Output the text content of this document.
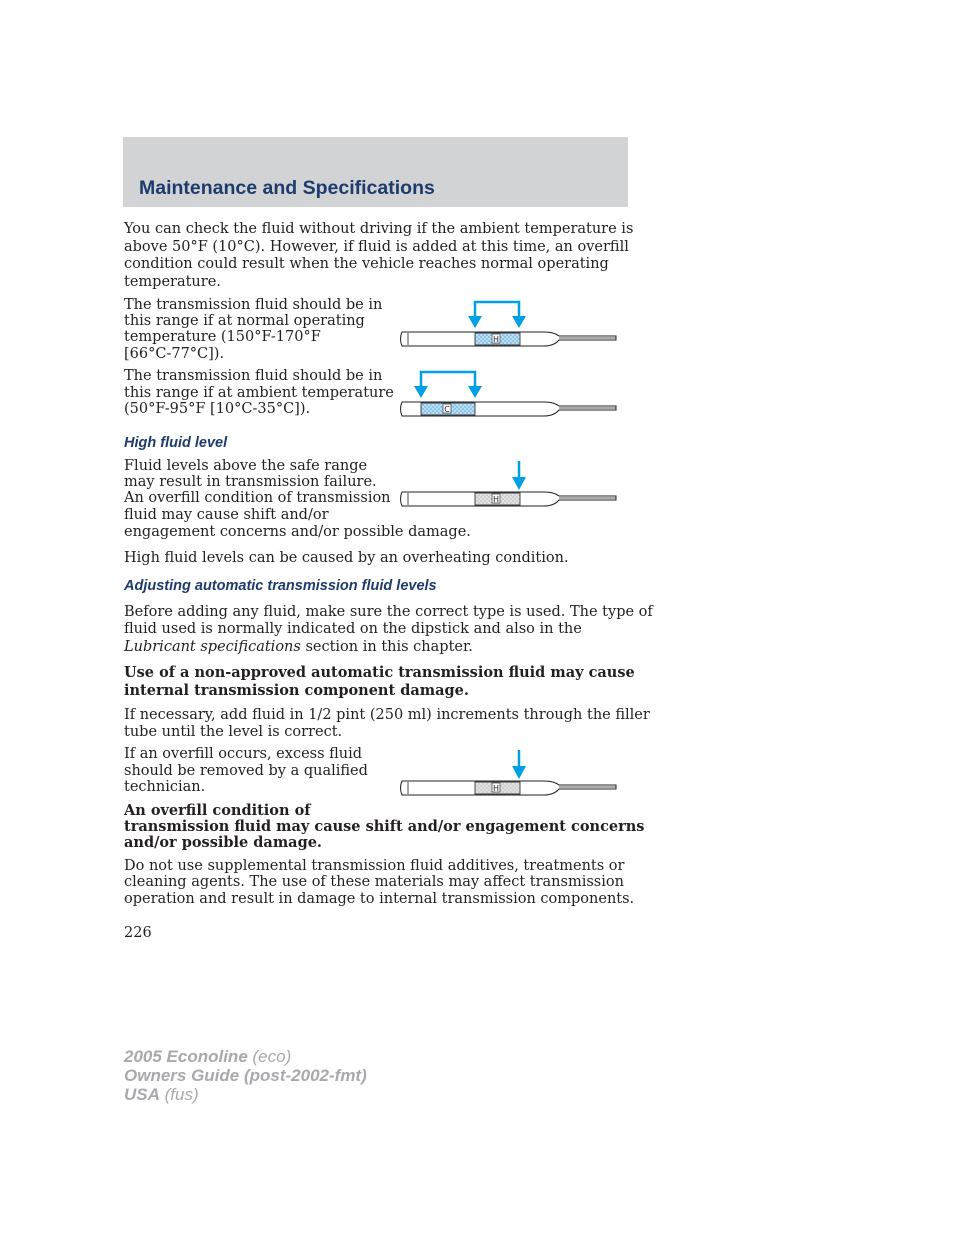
Maintenance and Specifications
You can check the fluid without driving if the ambient temperature is
above 50°F (10°C). However, if fluid is added at this time, an overfill
condition could result when the vehicle reaches normal operating
temperature.
The transmission fluid should be in
this range if at normal operating
temperature (150°F-170°F
[66°C-77°C]).
H
The transmission fluid should be in
this range if at ambient temperature
(50°F-95°F [10°C-35°C]).	C
High fluid level
Fluid levels above the safe range
may result in transmission failure.
An overfill condition of transmission
fluid may cause shift and/or
engagement concerns and/or possible damage.
H
High fluid levels can be caused by an overheating condition.
Adjusting automatic transmission fluid levels
Before adding any fluid, make sure the correct type is used. The type of
fluid used is normally indicated on the dipstick and also in the
Lubricant specifications section in this chapter.
Use of a non-approved automatic transmission fluid may cause
internal transmission component damage.
If necessary, add fluid in 1/2 pint (250 ml) increments through the filler
tube until the level is correct.
If an overfill occurs, excess fluid
should be removed by a qualified
technician.	H
An overfill condition of
transmission fluid may cause shift and/or engagement concerns
and/or possible damage.
Do not use supplemental transmission fluid additives, treatments or
cleaning agents. The use of these materials may affect transmission
operation and result in damage to internal transmission components.
226
2005 Econoline (eco)
Owners Guide (post-2002-fmt)
USA (fus)
